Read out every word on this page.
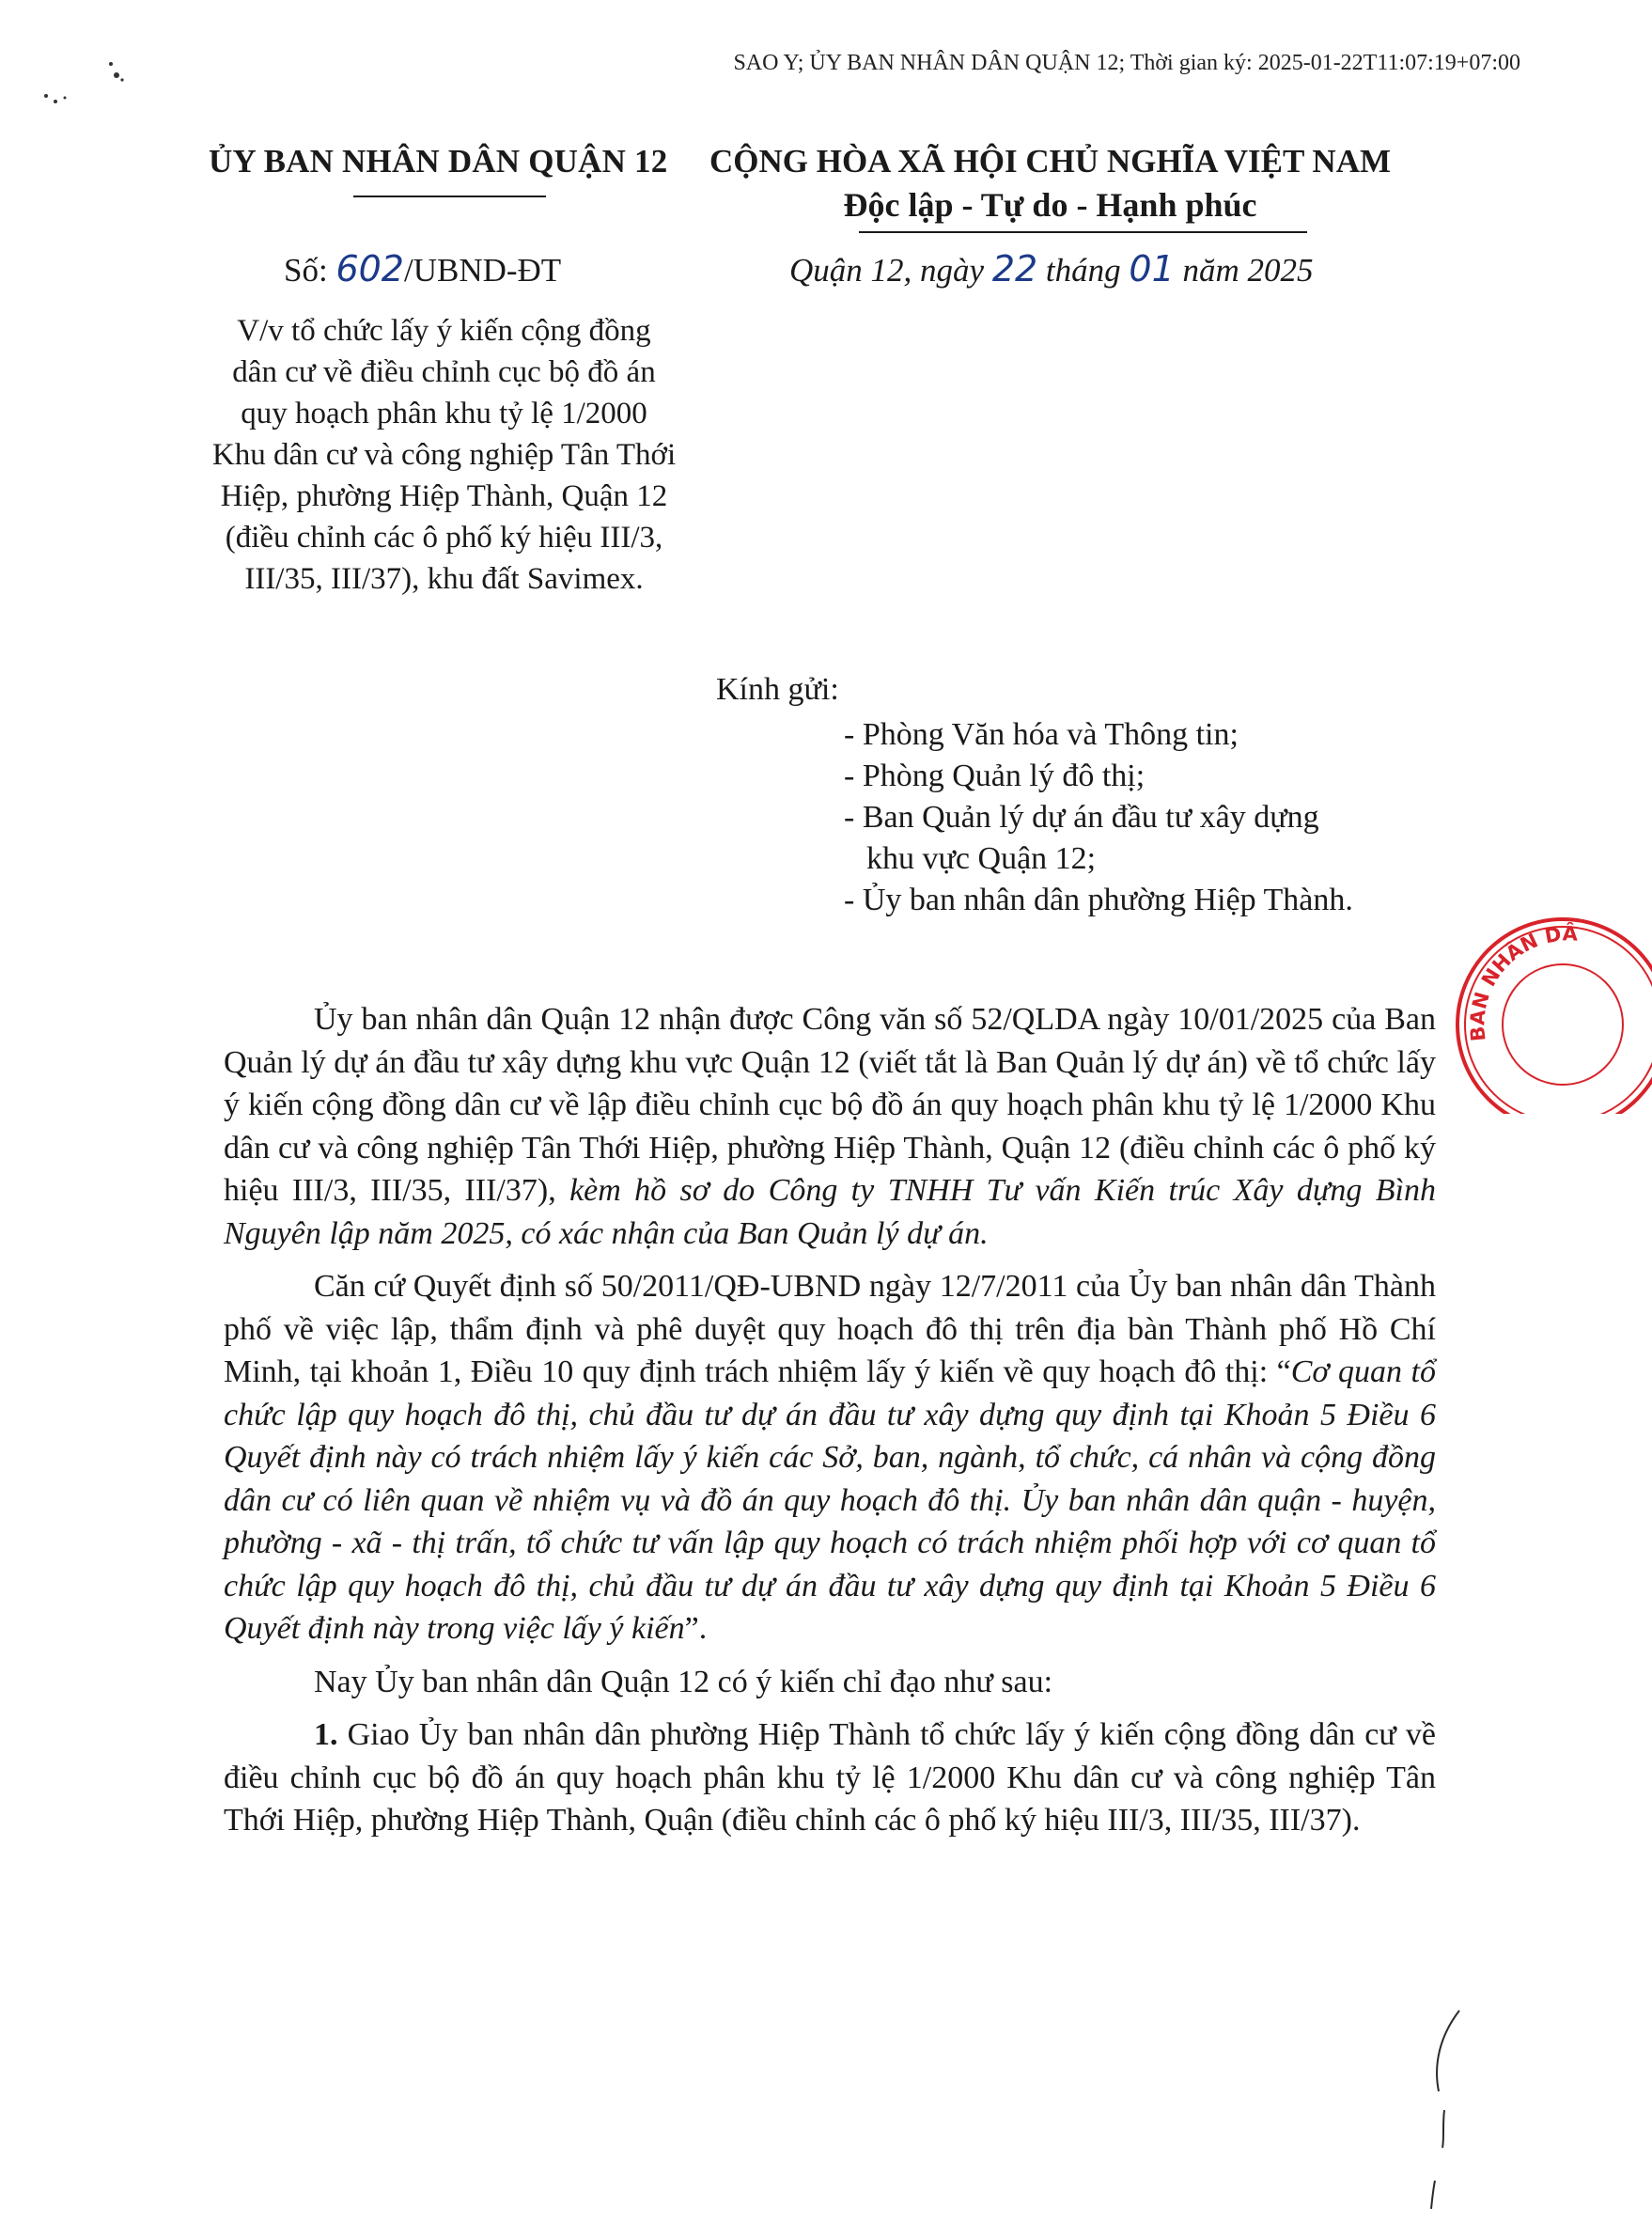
SAO Y; ỦY BAN NHÂN DÂN QUẬN 12; Thời gian ký: 2025-01-22T11:07:19+07:00
ỦY BAN NHÂN DÂN QUẬN 12	CỘNG HÒA XÃ HỘI CHỦ NGHĨA VIỆT NAM
Độc lập - Tự do - Hạnh phúc
Số: 602/UBND-ĐT	Quận 12, ngày 22 tháng 01 năm 2025
V/v tổ chức lấy ý kiến cộng đồng
dân cư về điều chỉnh cục bộ đồ án
quy hoạch phân khu tỷ lệ 1/2000
Khu dân cư và công nghiệp Tân Thới
Hiệp, phường Hiệp Thành, Quận 12
(điều chỉnh các ô phố ký hiệu III/3,
III/35, III/37), khu đất Savimex.
Kính gửi:
- Phòng Văn hóa và Thông tin;
- Phòng Quản lý đô thị;
- Ban Quản lý dự án đầu tư xây dựng
khu vực Quận 12;
- Ủy ban nhân dân phường Hiệp Thành.
BAN NHÂN DÂ

Ủy ban nhân dân Quận 12 nhận được Công văn số 52/QLDA ngày 10/01/2025 của Ban Quản lý dự án đầu tư xây dựng khu vực Quận 12 (viết tắt là Ban Quản lý dự án) về tổ chức lấy ý kiến cộng đồng dân cư về lập điều chỉnh cục bộ đồ án quy hoạch phân khu tỷ lệ 1/2000 Khu dân cư và công nghiệp Tân Thới Hiệp, phường Hiệp Thành, Quận 12 (điều chỉnh các ô phố ký hiệu III/3, III/35, III/37), kèm hồ sơ do Công ty TNHH Tư vấn Kiến trúc Xây dựng Bình Nguyên lập năm 2025, có xác nhận của Ban Quản lý dự án.

Căn cứ Quyết định số 50/2011/QĐ-UBND ngày 12/7/2011 của Ủy ban nhân dân Thành phố về việc lập, thẩm định và phê duyệt quy hoạch đô thị trên địa bàn Thành phố Hồ Chí Minh, tại khoản 1, Điều 10 quy định trách nhiệm lấy ý kiến về quy hoạch đô thị: “Cơ quan tổ chức lập quy hoạch đô thị, chủ đầu tư dự án đầu tư xây dựng quy định tại Khoản 5 Điều 6 Quyết định này có trách nhiệm lấy ý kiến các Sở, ban, ngành, tổ chức, cá nhân và cộng đồng dân cư có liên quan về nhiệm vụ và đồ án quy hoạch đô thị. Ủy ban nhân dân quận - huyện, phường - xã - thị trấn, tổ chức tư vấn lập quy hoạch có trách nhiệm phối hợp với cơ quan tổ chức lập quy hoạch đô thị, chủ đầu tư dự án đầu tư xây dựng quy định tại Khoản 5 Điều 6 Quyết định này trong việc lấy ý kiến”.

Nay Ủy ban nhân dân Quận 12 có ý kiến chỉ đạo như sau:

1. Giao Ủy ban nhân dân phường Hiệp Thành tổ chức lấy ý kiến cộng đồng dân cư về điều chỉnh cục bộ đồ án quy hoạch phân khu tỷ lệ 1/2000 Khu dân cư và công nghiệp Tân Thới Hiệp, phường Hiệp Thành, Quận (điều chỉnh các ô phố ký hiệu III/3, III/35, III/37).
